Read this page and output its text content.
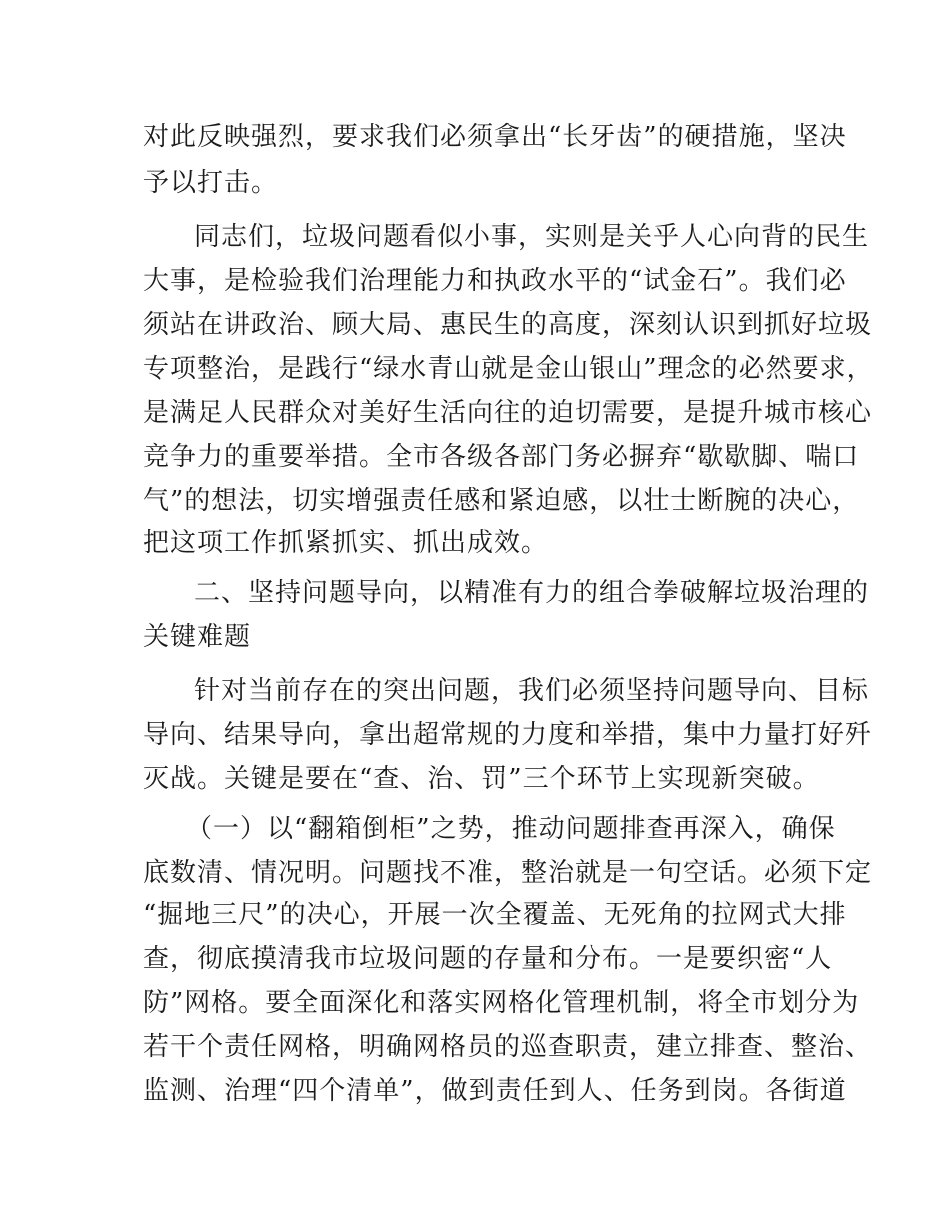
对此反映强烈，要求我们必须拿出“长牙齿”的硬措施，坚决
予以打击。
同志们，垃圾问题看似小事，实则是关乎人心向背的民生
大事，是检验我们治理能力和执政水平的“试金石”。我们必
须站在讲政治、顾大局、惠民生的高度，深刻认识到抓好垃圾
专项整治，是践行“绿水青山就是金山银山”理念的必然要求，
是满足人民群众对美好生活向往的迫切需要，是提升城市核心
竞争力的重要举措。全市各级各部门务必摒弃“歇歇脚、喘口
气”的想法，切实增强责任感和紧迫感，以壮士断腕的决心，
把这项工作抓紧抓实、抓出成效。
二、坚持问题导向，以精准有力的组合拳破解垃圾治理的
关键难题
针对当前存在的突出问题，我们必须坚持问题导向、目标
导向、结果导向，拿出超常规的力度和举措，集中力量打好歼
灭战。关键是要在“查、治、罚”三个环节上实现新突破。
（一）以“翻箱倒柜”之势，推动问题排查再深入，确保
底数清、情况明。问题找不准，整治就是一句空话。必须下定
“掘地三尺”的决心，开展一次全覆盖、无死角的拉网式大排
查，彻底摸清我市垃圾问题的存量和分布。一是要织密“人
防”网格。要全面深化和落实网格化管理机制，将全市划分为
若干个责任网格，明确网格员的巡查职责，建立排查、整治、
监测、治理“四个清单”，做到责任到人、任务到岗。各街道
